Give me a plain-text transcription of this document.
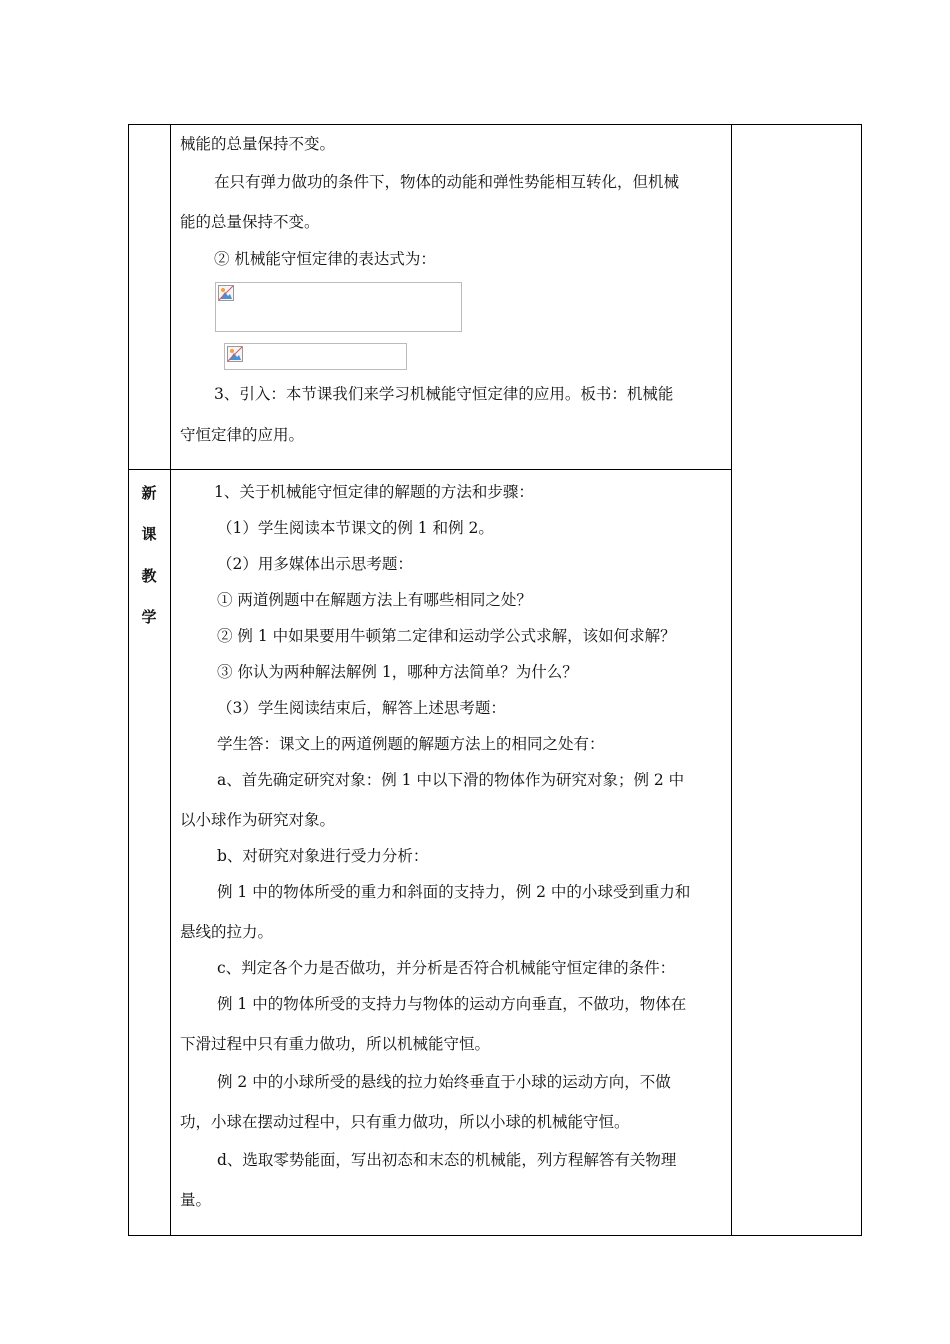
械能的总量保持不变。
在只有弹力做功的条件下，物体的动能和弹性势能相互转化，但机械
能的总量保持不变。
② 机械能守恒定律的表达式为：
3、引入：本节课我们来学习机械能守恒定律的应用。板书：机械能
守恒定律的应用。
新
课
教
学
1、关于机械能守恒定律的解题的方法和步骤：
（1）学生阅读本节课文的例 1 和例 2。
（2）用多媒体出示思考题：
① 两道例题中在解题方法上有哪些相同之处？
② 例 1 中如果要用牛顿第二定律和运动学公式求解，该如何求解？
③ 你认为两种解法解例 1，哪种方法简单？为什么？
（3）学生阅读结束后，解答上述思考题：
学生答：课文上的两道例题的解题方法上的相同之处有：
a、首先确定研究对象：例 1 中以下滑的物体作为研究对象；例 2 中
以小球作为研究对象。
b、对研究对象进行受力分析：
例 1 中的物体所受的重力和斜面的支持力，例 2 中的小球受到重力和
悬线的拉力。
c、判定各个力是否做功，并分析是否符合机械能守恒定律的条件：
例 1 中的物体所受的支持力与物体的运动方向垂直，不做功，物体在
下滑过程中只有重力做功，所以机械能守恒。
例 2 中的小球所受的悬线的拉力始终垂直于小球的运动方向，不做
功，小球在摆动过程中，只有重力做功，所以小球的机械能守恒。
d、选取零势能面，写出初态和末态的机械能，列方程解答有关物理
量。
